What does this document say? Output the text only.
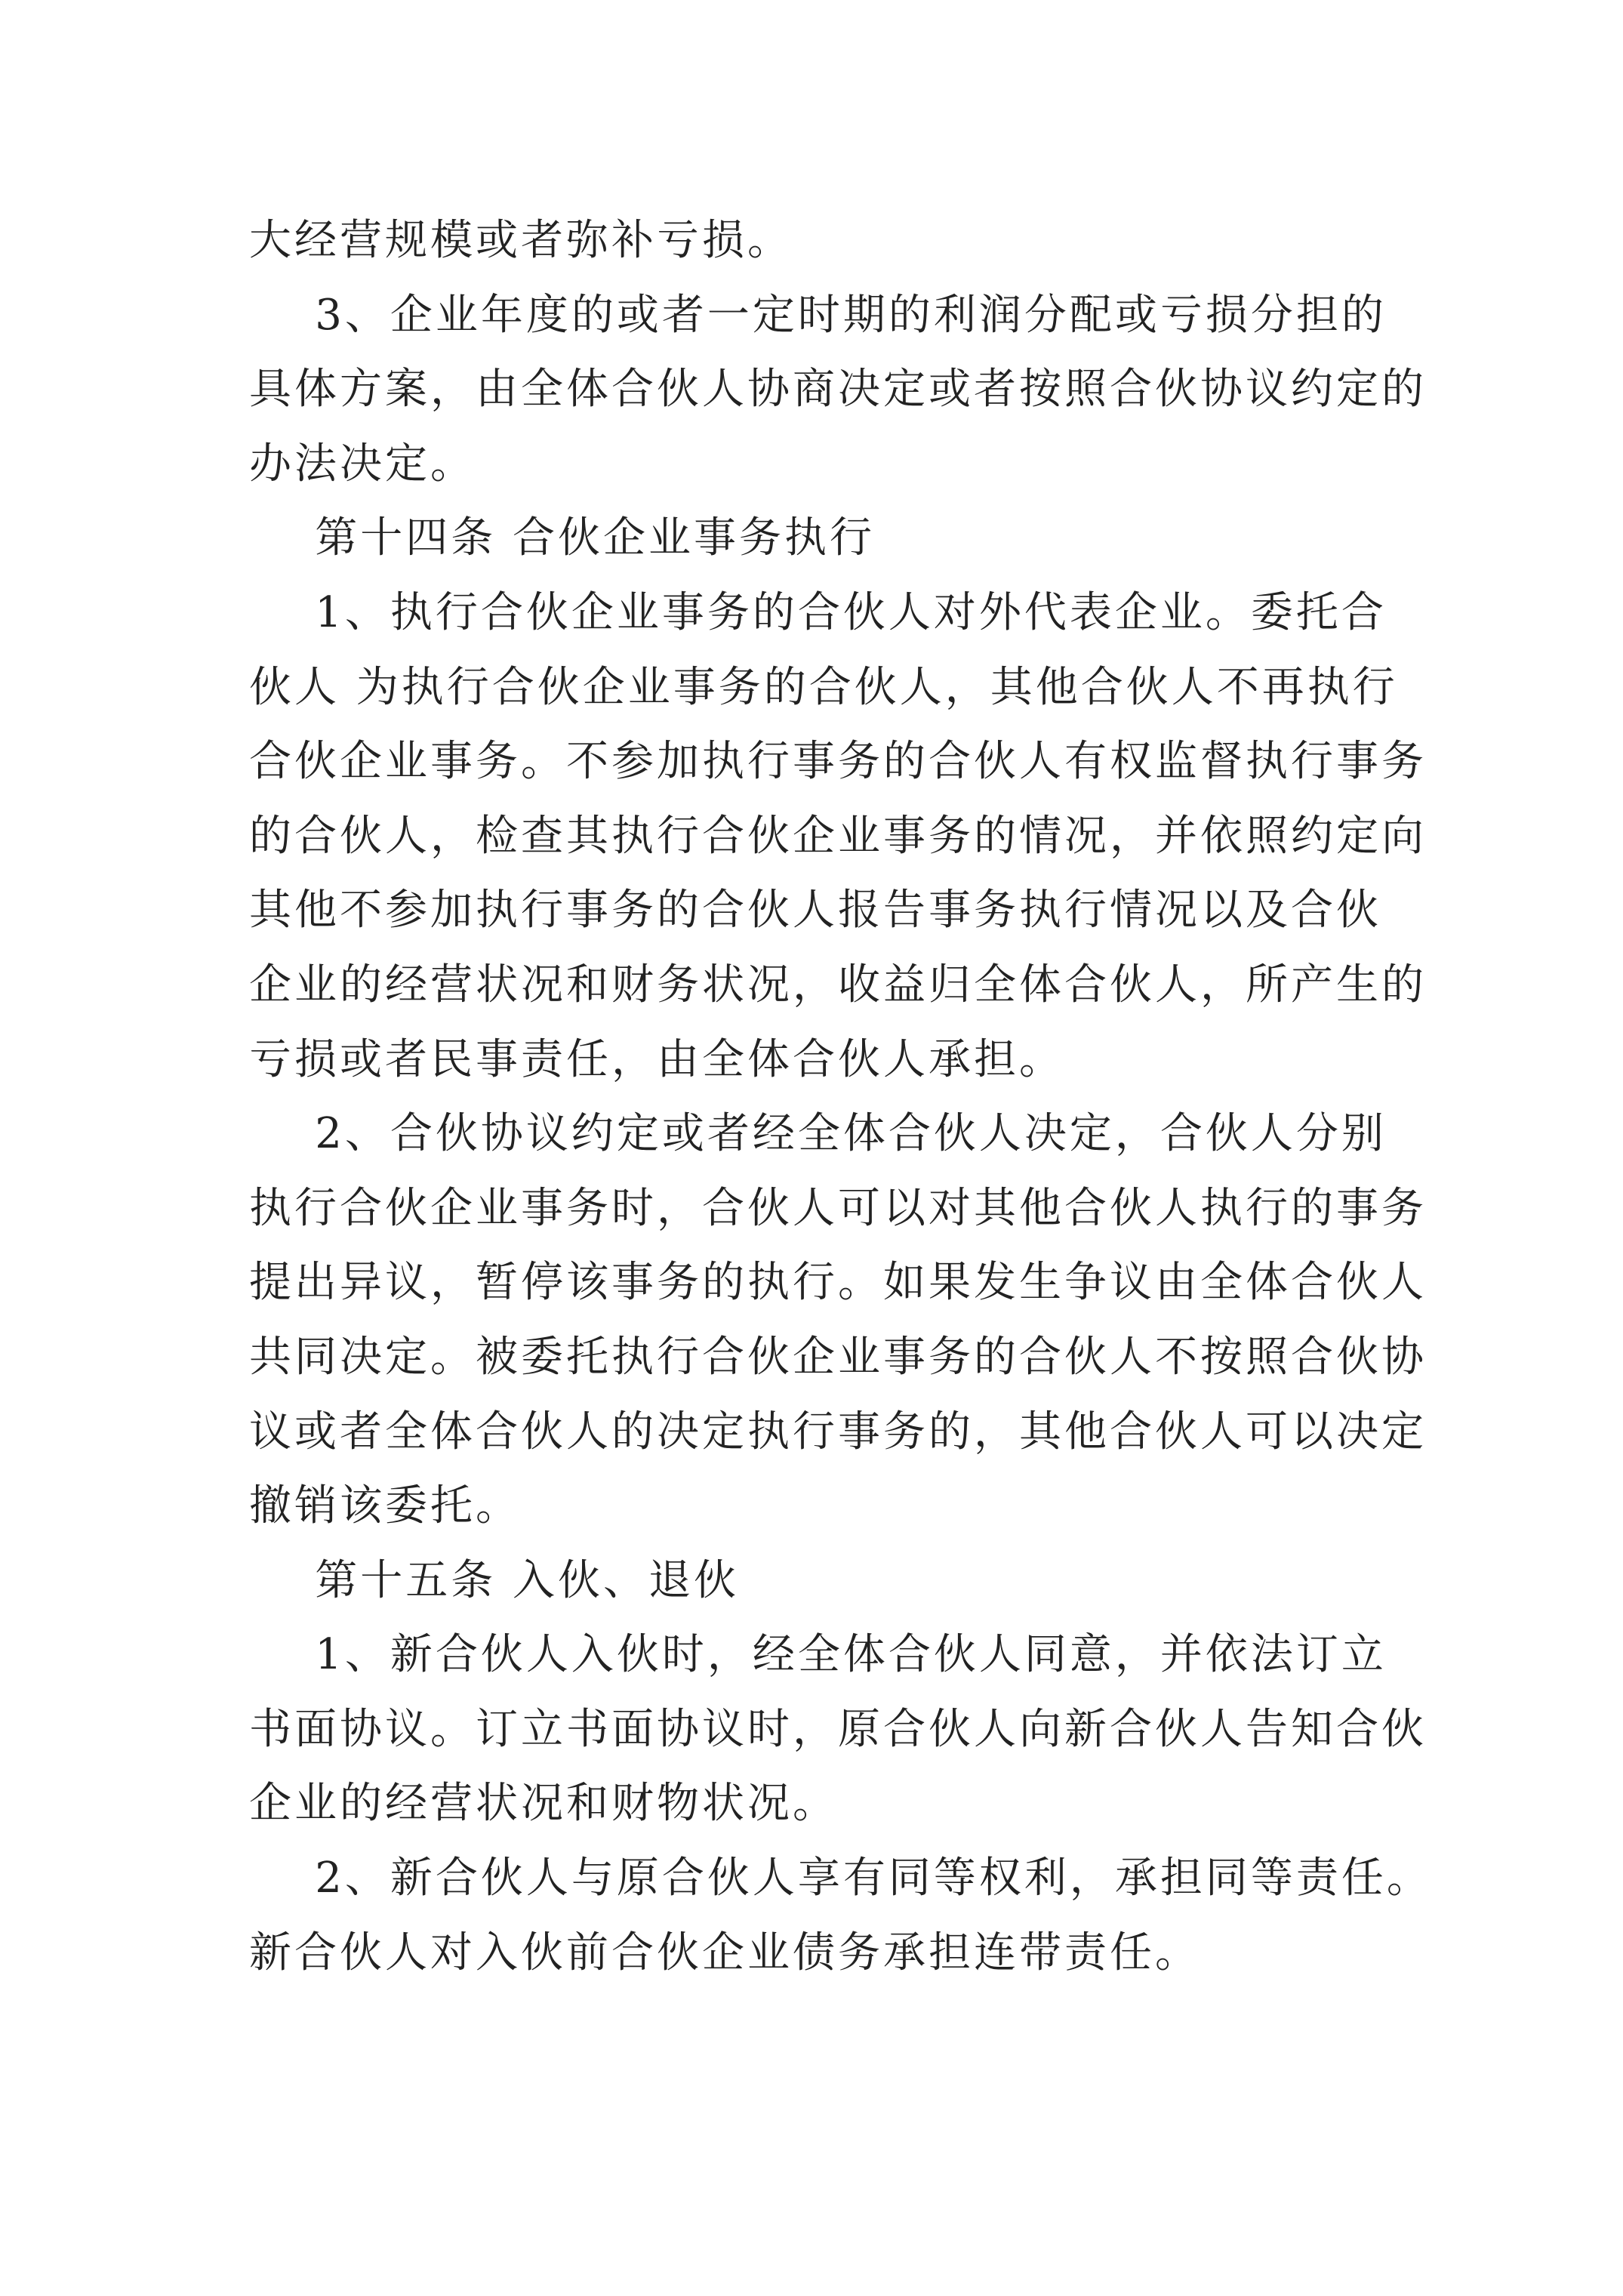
大经营规模或者弥补亏损。
3、企业年度的或者一定时期的利润分配或亏损分担的
具体方案，由全体合伙人协商决定或者按照合伙协议约定的
办法决定。
第十四条 合伙企业事务执行
1、执行合伙企业事务的合伙人对外代表企业。委托合
伙人 为执行合伙企业事务的合伙人，其他合伙人不再执行
合伙企业事务。不参加执行事务的合伙人有权监督执行事务
的合伙人，检查其执行合伙企业事务的情况，并依照约定向
其他不参加执行事务的合伙人报告事务执行情况以及合伙
企业的经营状况和财务状况，收益归全体合伙人，所产生的
亏损或者民事责任，由全体合伙人承担。
2、合伙协议约定或者经全体合伙人决定，合伙人分别
执行合伙企业事务时，合伙人可以对其他合伙人执行的事务
提出异议，暂停该事务的执行。如果发生争议由全体合伙人
共同决定。被委托执行合伙企业事务的合伙人不按照合伙协
议或者全体合伙人的决定执行事务的，其他合伙人可以决定
撤销该委托。
第十五条 入伙、退伙
1、新合伙人入伙时，经全体合伙人同意，并依法订立
书面协议。订立书面协议时，原合伙人向新合伙人告知合伙
企业的经营状况和财物状况。
2、新合伙人与原合伙人享有同等权利，承担同等责任。
新合伙人对入伙前合伙企业债务承担连带责任。
